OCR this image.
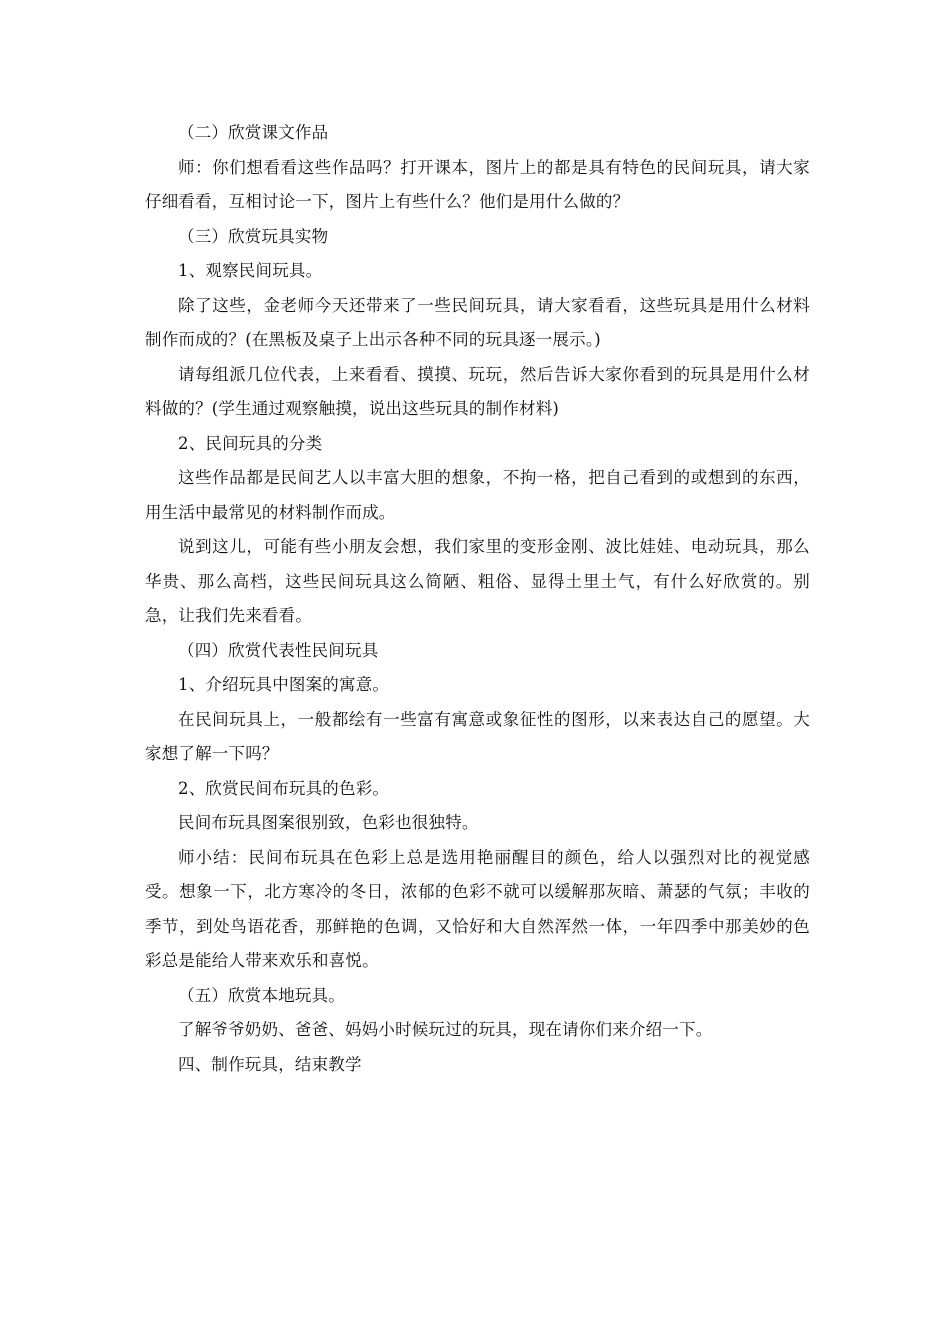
（二）欣赏课文作品

师：你们想看看这些作品吗？打开课本，图片上的都是具有特色的民间玩具，请大家仔细看看，互相讨论一下，图片上有些什么？他们是用什么做的？

（三）欣赏玩具实物

1、观察民间玩具。

除了这些，金老师今天还带来了一些民间玩具，请大家看看，这些玩具是用什么材料制作而成的？(在黑板及桌子上出示各种不同的玩具逐一展示。)

请每组派几位代表，上来看看、摸摸、玩玩，然后告诉大家你看到的玩具是用什么材料做的？(学生通过观察触摸，说出这些玩具的制作材料)

2、民间玩具的分类

这些作品都是民间艺人以丰富大胆的想象，不拘一格，把自己看到的或想到的东西，用生活中最常见的材料制作而成。

说到这儿，可能有些小朋友会想，我们家里的变形金刚、波比娃娃、电动玩具，那么华贵、那么高档，这些民间玩具这么简陋、粗俗、显得土里土气，有什么好欣赏的。别急，让我们先来看看。

（四）欣赏代表性民间玩具

1、介绍玩具中图案的寓意。

在民间玩具上，一般都绘有一些富有寓意或象征性的图形，以来表达自己的愿望。大家想了解一下吗？

2、欣赏民间布玩具的色彩。

民间布玩具图案很别致，色彩也很独特。

师小结：民间布玩具在色彩上总是选用艳丽醒目的颜色，给人以强烈对比的视觉感受。想象一下，北方寒冷的冬日，浓郁的色彩不就可以缓解那灰暗、萧瑟的气氛；丰收的季节，到处鸟语花香，那鲜艳的色调，又恰好和大自然浑然一体，一年四季中那美妙的色彩总是能给人带来欢乐和喜悦。

（五）欣赏本地玩具。

了解爷爷奶奶、爸爸、妈妈小时候玩过的玩具，现在请你们来介绍一下。

四、制作玩具，结束教学
